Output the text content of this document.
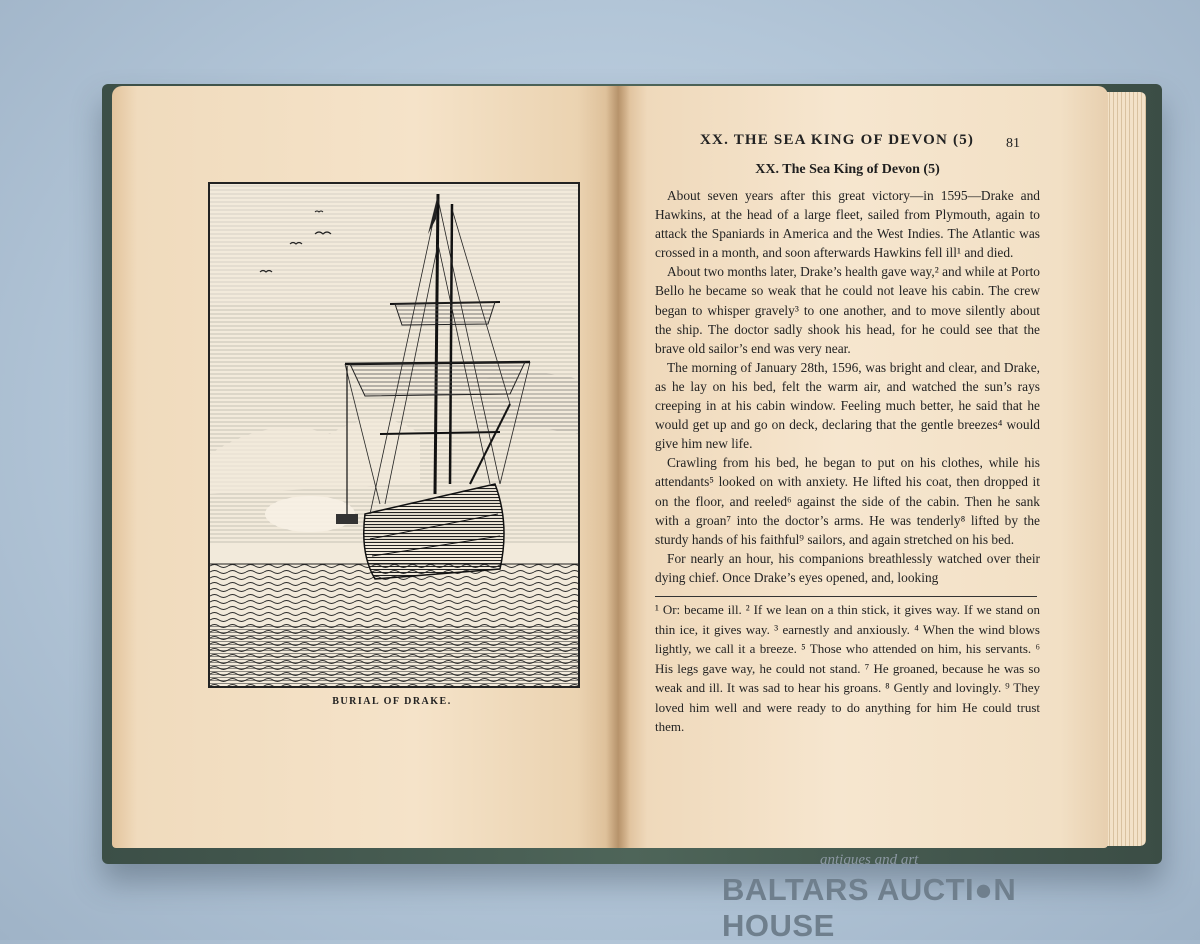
BURIAL OF DRAKE.
XX. THE SEA KING OF DEVON (5)	81
XX. The Sea King of Devon (5)

About seven years after this great victory—in 1595—Drake and Hawkins, at the head of a large fleet, sailed from Plymouth, again to attack the Spaniards in America and the West Indies. The Atlantic was crossed in a month, and soon afterwards Hawkins fell ill¹ and died.

About two months later, Drake’s health gave way,² and while at Porto Bello he became so weak that he could not leave his cabin. The crew began to whisper gravely³ to one another, and to move silently about the ship. The doctor sadly shook his head, for he could see that the brave old sailor’s end was very near.

The morning of January 28th, 1596, was bright and clear, and Drake, as he lay on his bed, felt the warm air, and watched the sun’s rays creeping in at his cabin window. Feeling much better, he said that he would get up and go on deck, declaring that the gentle breezes⁴ would give him new life.

Crawling from his bed, he began to put on his clothes, while his attendants⁵ looked on with anxiety. He lifted his coat, then dropped it on the floor, and reeled⁶ against the side of the cabin. Then he sank with a groan⁷ into the doctor’s arms. He was tenderly⁸ lifted by the sturdy hands of his faithful⁹ sailors, and again stretched on his bed.

For nearly an hour, his companions breathlessly watched over their dying chief. Once Drake’s eyes opened, and, looking

¹ Or: became ill. ² If we lean on a thin stick, it gives way. If we stand on thin ice, it gives way. ³ earnestly and anxiously. ⁴ When the wind blows lightly, we call it a breeze. ⁵ Those who attended on him, his servants. ⁶ His legs gave way, he could not stand. ⁷ He groaned, because he was so weak and ill. It was sad to hear his groans. ⁸ Gently and lovingly. ⁹ They loved him well and were ready to do anything for him He could trust them.
antiques and art
BALTARS AUCTI●N HOUSE
